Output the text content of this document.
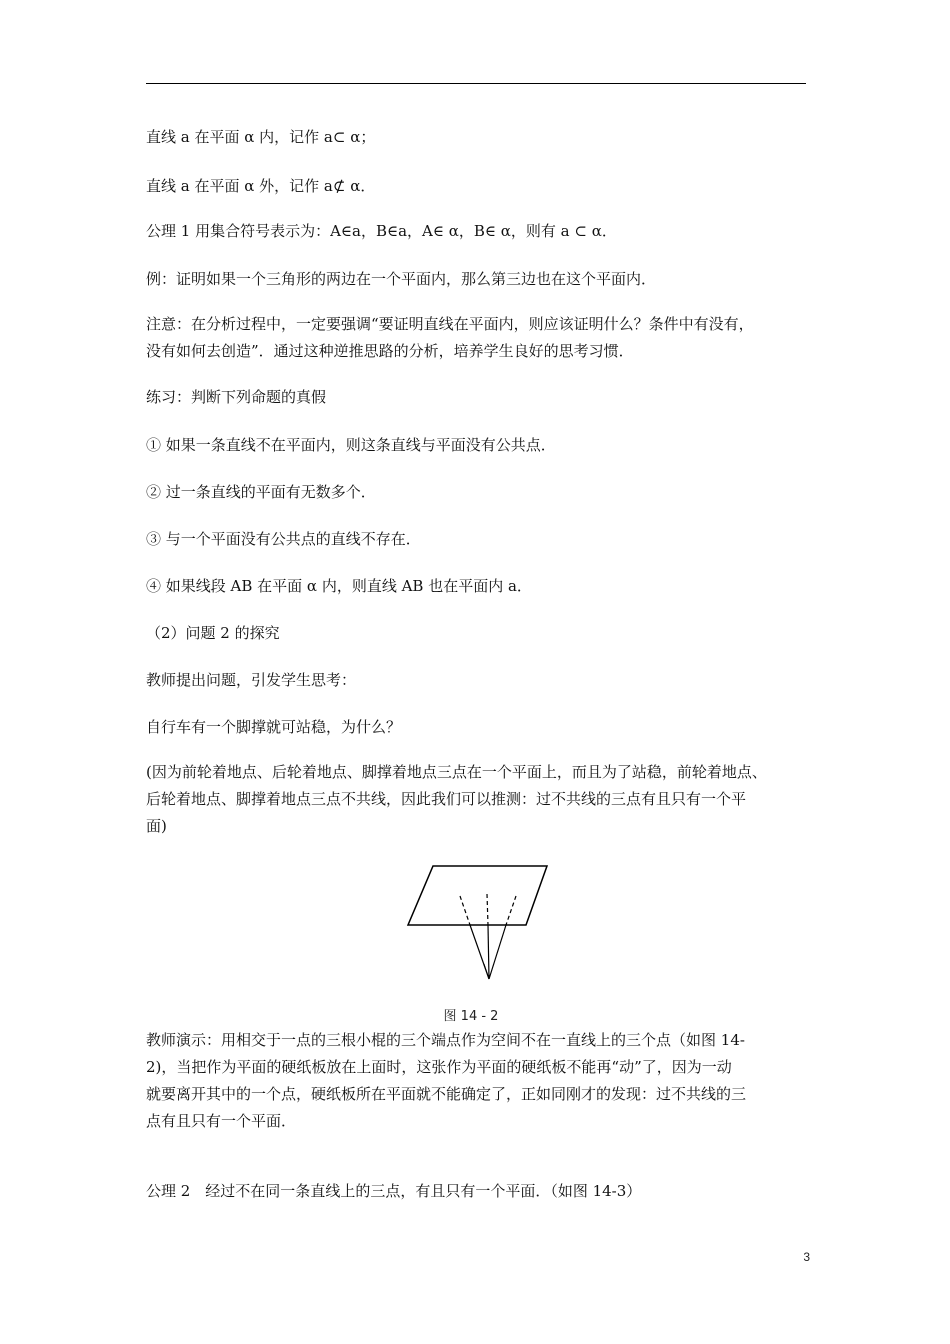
直线 a 在平面 α 内，记作 a⊂ α；
直线 a 在平面 α 外，记作 a⊄ α．
公理 1 用集合符号表示为：A∈a，B∈a，A∈ α，B∈ α，则有 a ⊂ α．
例：证明如果一个三角形的两边在一个平面内，那么第三边也在这个平面内．
注意：在分析过程中，一定要强调“要证明直线在平面内，则应该证明什么？条件中有没有，
没有如何去创造”．通过这种逆推思路的分析，培养学生良好的思考习惯．
练习：判断下列命题的真假
① 如果一条直线不在平面内，则这条直线与平面没有公共点．
② 过一条直线的平面有无数多个．
③ 与一个平面没有公共点的直线不存在．
④ 如果线段 AB 在平面 α 内，则直线 AB 也在平面内 a．
（2）问题 2 的探究
教师提出问题，引发学生思考：
自行车有一个脚撑就可站稳，为什么？
(因为前轮着地点、后轮着地点、脚撑着地点三点在一个平面上，而且为了站稳，前轮着地点、
后轮着地点、脚撑着地点三点不共线，因此我们可以推测：过不共线的三点有且只有一个平
面)
图 14 - 2
教师演示：用相交于一点的三根小棍的三个端点作为空间不在一直线上的三个点（如图 14-
2)，当把作为平面的硬纸板放在上面时，这张作为平面的硬纸板不能再“动”了，因为一动
就要离开其中的一个点，硬纸板所在平面就不能确定了，正如同刚才的发现：过不共线的三
点有且只有一个平面．
公理 2　经过不在同一条直线上的三点，有且只有一个平面．（如图 14-3）
3
